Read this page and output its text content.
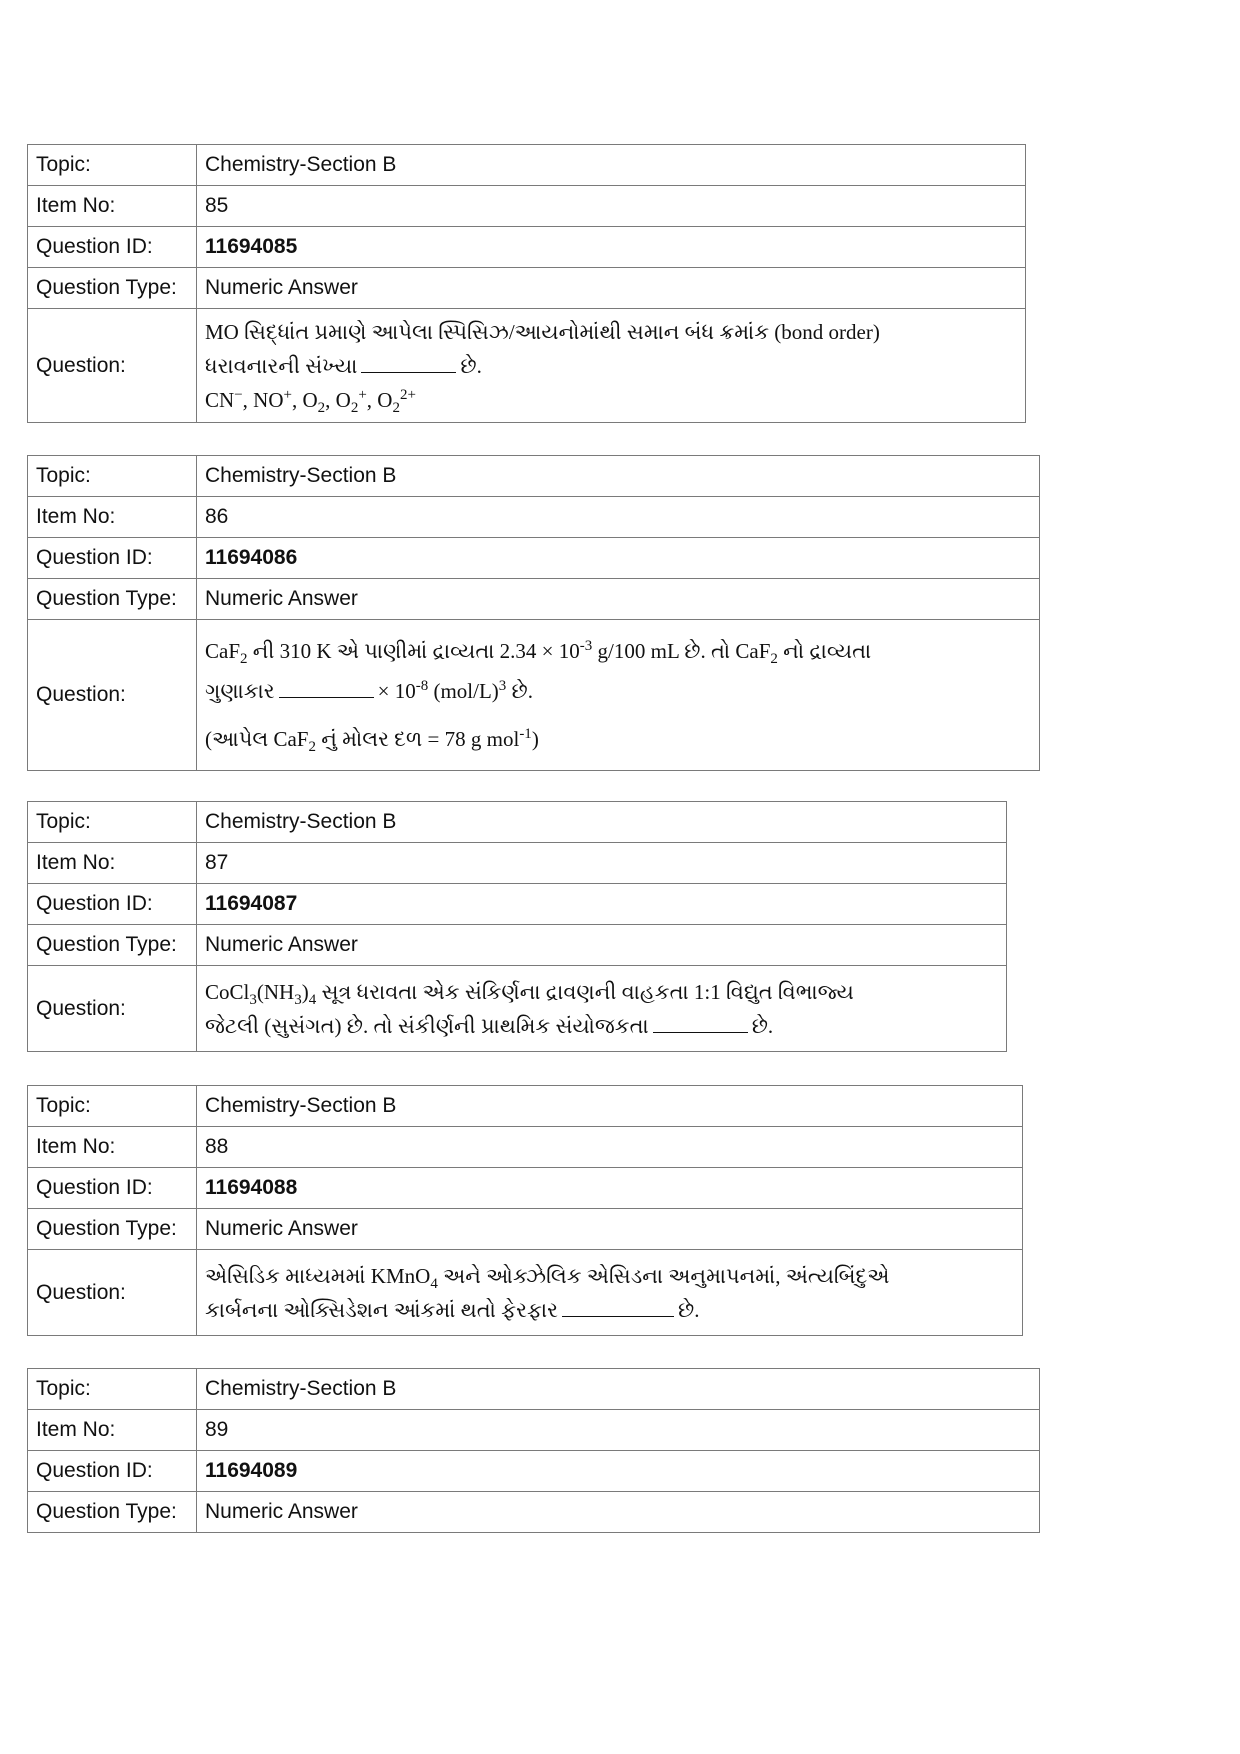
Topic:	Chemistry-Section B
Item No:	85
Question ID:	11694085
Question Type:	Numeric Answer
Question:	MO સિદ્ધાંત પ્રમાણે આપેલા સ્પિસિઝ/આયનોમાંથી સમાન બંધ ક્રમાંક (bond order)
ધરાવનારની સંખ્યા છે.
CN−, NO+, $O_2$, $O_2^+$, $O_2^{2+}$
Topic:	Chemistry-Section B
Item No:	86
Question ID:	11694086
Question Type:	Numeric Answer
Question:	CaF$_2$ ની 310 K એ પાણીમાં દ્રાવ્યતા $2.34 \times 10^{-3}$ g/100 mL છે. તો CaF$_2$ નો દ્રાવ્યતા
ગુણાકાર × $10^{-8}$ $(mol/L)^3$ છે.
(આપેલ CaF$_2$ નું મોલર દળ = 78 g mol$^{-1}$)
Topic:	Chemistry-Section B
Item No:	87
Question ID:	11694087
Question Type:	Numeric Answer
Question:	$CoCl_3(NH_3)_4$ સૂત્ર ધરાવતા એક સંકિર્ણના દ્રાવણની વાહકતા 1:1 વિદ્યુત વિભાજ્ય
જેટલી (સુસંગત) છે. તો સંકીર્ણની પ્રાથમિક સંયોજકતા છે.
Topic:	Chemistry-Section B
Item No:	88
Question ID:	11694088
Question Type:	Numeric Answer
Question:	એસિડિક માધ્યમમાં KMnO$_4$ અને ઓક્ઝેલિક એસિડના અનુમાપનમાં, અંત્યબિંદુએ
કાર્બનના ઓક્સિડેશન આંકમાં થતો ફેરફાર છે.
Topic:	Chemistry-Section B
Item No:	89
Question ID:	11694089
Question Type:	Numeric Answer
